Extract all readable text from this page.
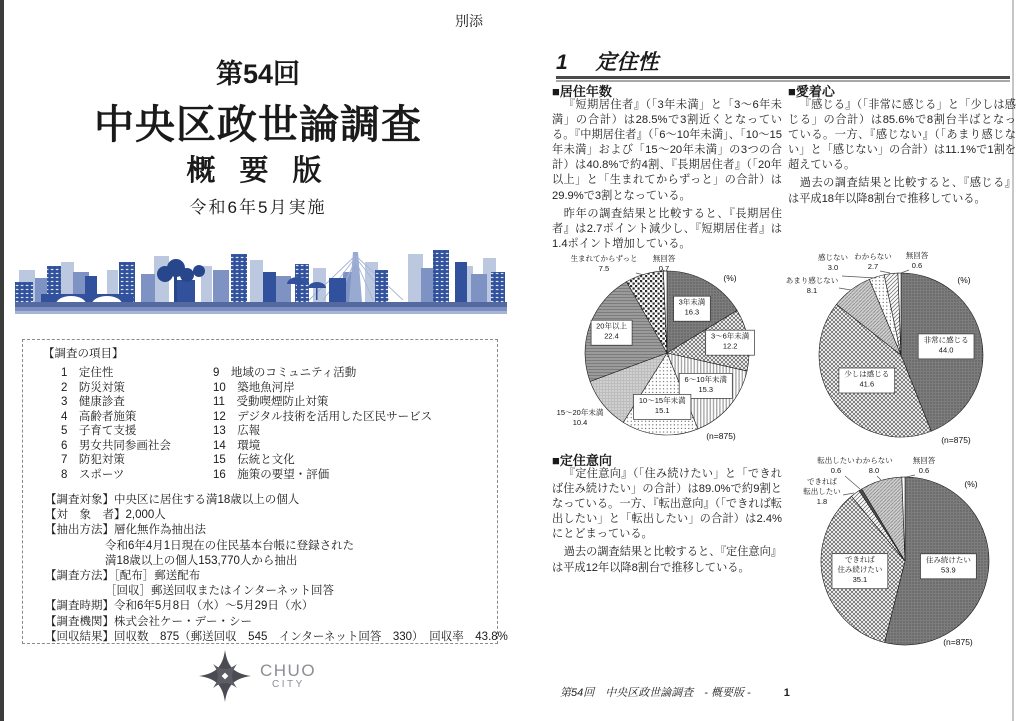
別添
第54回
中央区政世論調査
概 要 版
令和6年5月実施
【調査の項目】
1　定住性
2　防災対策
3　健康診査
4　高齢者施策
5　子育て支援
6　男女共同参画社会
7　防犯対策
8　スポーツ
9　地域のコミュニティ活動
10　築地魚河岸
11　受動喫煙防止対策
12　デジタル技術を活用した区民サービス
13　広報
14　環境
15　伝統と文化
16　施策の要望・評価
【調査対象】中央区に居住する満18歳以上の個人
【対　象　者】2,000人
【抽出方法】層化無作為抽出法
令和6年4月1日現在の住民基本台帳に登録された
満18歳以上の個人153,770人から抽出
【調査方法】［配布］郵送配布
［回収］郵送回収またはインターネット回答
【調査時期】令和6年5月8日（水）～5月29日（水）
【調査機関】株式会社ケー・デー・シー
【回収結果】回収数　875（郵送回収　545　インターネット回答　330）　回収率　43.8%
CHUO
CITY
1 定住性
■居住年数

『短期居住者』（「3年未満」と「3～6年未満」の合計）は28.5%で3割近くとなっている。『中期居住者』（「6～10年未満」、「10～15年未満」および「15～20年未満」の3つの合計）は40.8%で約4割、『長期居住者』（「20年以上」と「生まれてからずっと」の合計）は29.9%で3割となっている。

昨年の調査結果と比較すると、『長期居住者』は2.7ポイント減少し、『短期居住者』は1.4ポイント増加している。

■愛着心

『感じる』（「非常に感じる」と「少しは感じる」の合計）は85.6%で8割台半ばとなっている。一方、『感じない』（「あまり感じない」と「感じない」の合計）は11.1%で1割を超えている。

過去の調査結果と比較すると、『感じる』は平成18年以降8割台で推移している。

■定住意向

『定住意向』（「住み続けたい」と「できれば住み続けたい」の合計）は89.0%で約9割となっている。一方、『転出意向』（「できれば転出したい」と「転出したい」の合計）は2.4%にとどまっている。

過去の調査結果と比較すると、『定住意向』は平成12年以降8割台で推移している。

3年未満 16.3
3～6年未満 12.2
6～10年未満 15.3
10～15年未満 15.1
15～20年未満 10.4
20年以上 22.4
生まれてからずっと 7.5
無回答 0.7
(%)
(n=875)
非常に感じる 44.0
少しは感じる 41.6
あまり感じない 8.1
感じない 3.0
わからない 2.7
無回答 0.6
(%)
(n=875)
住み続けたい 53.9
できれば住み続けたい 35.1
できれば転出したい 1.8
転出したい 0.6
わからない 8.0
無回答 0.6
(%)
(n=875)
第54回　中央区政世論調査　- 概要版 -	1
